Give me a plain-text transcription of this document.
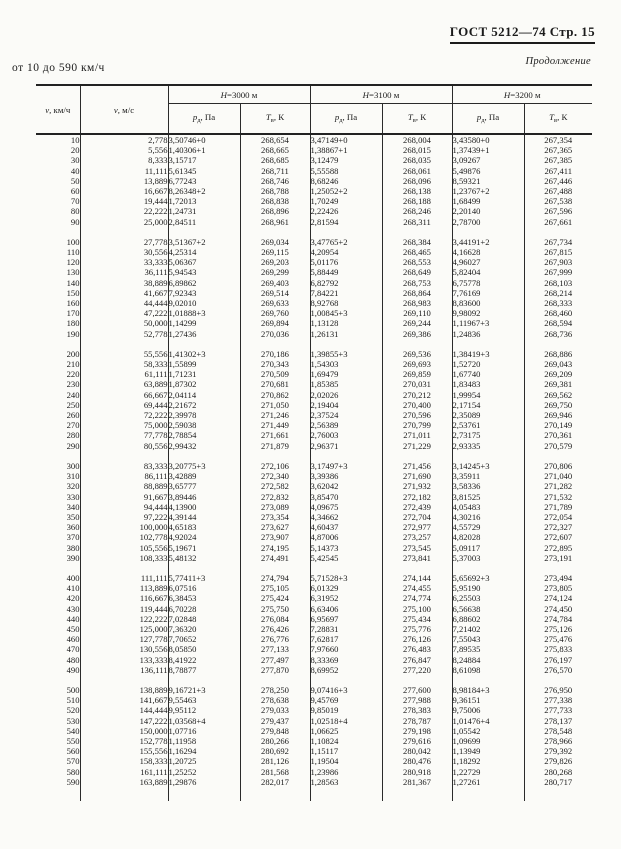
ГОСТ 5212—74 Стр. 15
Продолжение
от 10 до 590 км/ч
v, км/ч	v, м/с	H=3000 м		H=3100 м		H=3200 м	
		$p_д$, Па	$T_в$, К	$p_д$, Па	$T_в$, К	$p_д$, Па	$T_в$, К
10	2,778	3,50746+0	268,654	3,47149+0	268,004	3,43580+0	267,354
20	5,556	1,40306+1	268,665	1,38867+1	268,015	1,37439+1	267,365
30	8,333	3,15717	268,685	3,12479	268,035	3,09267	267,385
40	11,111	5,61345	268,711	5,55588	268,061	5,49876	267,411
50	13,889	6,77243	268,746	8,68246	268,096	8,59321	267,446
60	16,667	8,26348+2	268,788	1,25052+2	268,138	1,23767+2	267,488
70	19,444	1,72013	268,838	1,70249	268,188	1,68499	267,538
80	22,222	1,24731	268,896	2,22426	268,246	2,20140	267,596
90	25,000	2,84511	268,961	2,81594	268,311	2,78700	267,661

100	27,778	3,51367+2	269,034	3,47765+2	268,384	3,44191+2	267,734
110	30,556	4,25314	269,115	4,20954	268,465	4,16628	267,815
120	33,333	5,06367	269,203	5,01176	268,553	4,96027	267,903
130	36,111	5,94543	269,299	5,88449	268,649	5,82404	267,999
140	38,889	6,89862	269,403	6,82792	268,753	6,75778	268,103
150	41,667	7,92343	269,514	7,84221	268,864	7,76169	268,214
160	44,444	9,02010	269,633	8,92768	268,983	8,83600	268,333
170	47,222	1,01888+3	269,760	1,00845+3	269,110	9,98092	268,460
180	50,000	1,14299	269,894	1,13128	269,244	1,11967+3	268,594
190	52,778	1,27436	270,036	1,26131	269,386	1,24836	268,736

200	55,556	1,41302+3	270,186	1,39855+3	269,536	1,38419+3	268,886
210	58,333	1,55899	270,343	1,54303	269,693	1,52720	269,043
220	61,111	1,71231	270,509	1,69479	269,859	1,67740	269,209
230	63,889	1,87302	270,681	1,85385	270,031	1,83483	269,381
240	66,667	2,04114	270,862	2,02026	270,212	1,99954	269,562
250	69,444	2,21672	271,050	2,19404	270,400	2,17154	269,750
260	72,222	2,39978	271,246	2,37524	270,596	2,35089	269,946
270	75,000	2,59038	271,449	2,56389	270,799	2,53761	270,149
280	77,778	2,78854	271,661	2,76003	271,011	2,73175	270,361
290	80,556	2,99432	271,879	2,96371	271,229	2,93335	270,579

300	83,333	3,20775+3	272,106	3,17497+3	271,456	3,14245+3	270,806
310	86,111	3,42889	272,340	3,39386	271,690	3,35911	271,040
320	88,889	3,65777	272,582	3,62042	271,932	3,58336	271,282
330	91,667	3,89446	272,832	3,85470	272,182	3,81525	271,532
340	94,444	4,13900	273,089	4,09675	272,439	4,05483	271,789
350	97,222	4,39144	273,354	4,34662	272,704	4,30216	272,054
360	100,000	4,65183	273,627	4,60437	272,977	4,55729	272,327
370	102,778	4,92024	273,907	4,87006	273,257	4,82028	272,607
380	105,556	5,19671	274,195	5,14373	273,545	5,09117	272,895
390	108,333	5,48132	274,491	5,42545	273,841	5,37003	273,191

400	111,111	5,77411+3	274,794	5,71528+3	274,144	5,65692+3	273,494
410	113,889	6,07516	275,105	6,01329	274,455	5,95190	273,805
420	116,667	6,38453	275,424	6,31952	274,774	6,25503	274,124
430	119,444	6,70228	275,750	6,63406	275,100	6,56638	274,450
440	122,222	7,02848	276,084	6,95697	275,434	6,88602	274,784
450	125,000	7,36320	276,426	7,28831	275,776	7,21402	275,126
460	127,778	7,70652	276,776	7,62817	276,126	7,55043	275,476
470	130,556	8,05850	277,133	7,97660	276,483	7,89535	275,833
480	133,333	8,41922	277,497	8,33369	276,847	8,24884	276,197
490	136,111	8,78877	277,870	8,69952	277,220	8,61098	276,570

500	138,889	9,16721+3	278,250	9,07416+3	277,600	8,98184+3	276,950
510	141,667	9,55463	278,638	9,45769	277,988	9,36151	277,338
520	144,444	9,95112	279,033	9,85019	278,383	9,75006	277,733
530	147,222	1,03568+4	279,437	1,02518+4	278,787	1,01476+4	278,137
540	150,000	1,07716	279,848	1,06625	279,198	1,05542	278,548
550	152,778	1,11958	280,266	1,10824	279,616	1,09699	278,966
560	155,556	1,16294	280,692	1,15117	280,042	1,13949	279,392
570	158,333	1,20725	281,126	1,19504	280,476	1,18292	279,826
580	161,111	1,25252	281,568	1,23986	280,918	1,22729	280,268
590	163,889	1,29876	282,017	1,28563	281,367	1,27261	280,717
